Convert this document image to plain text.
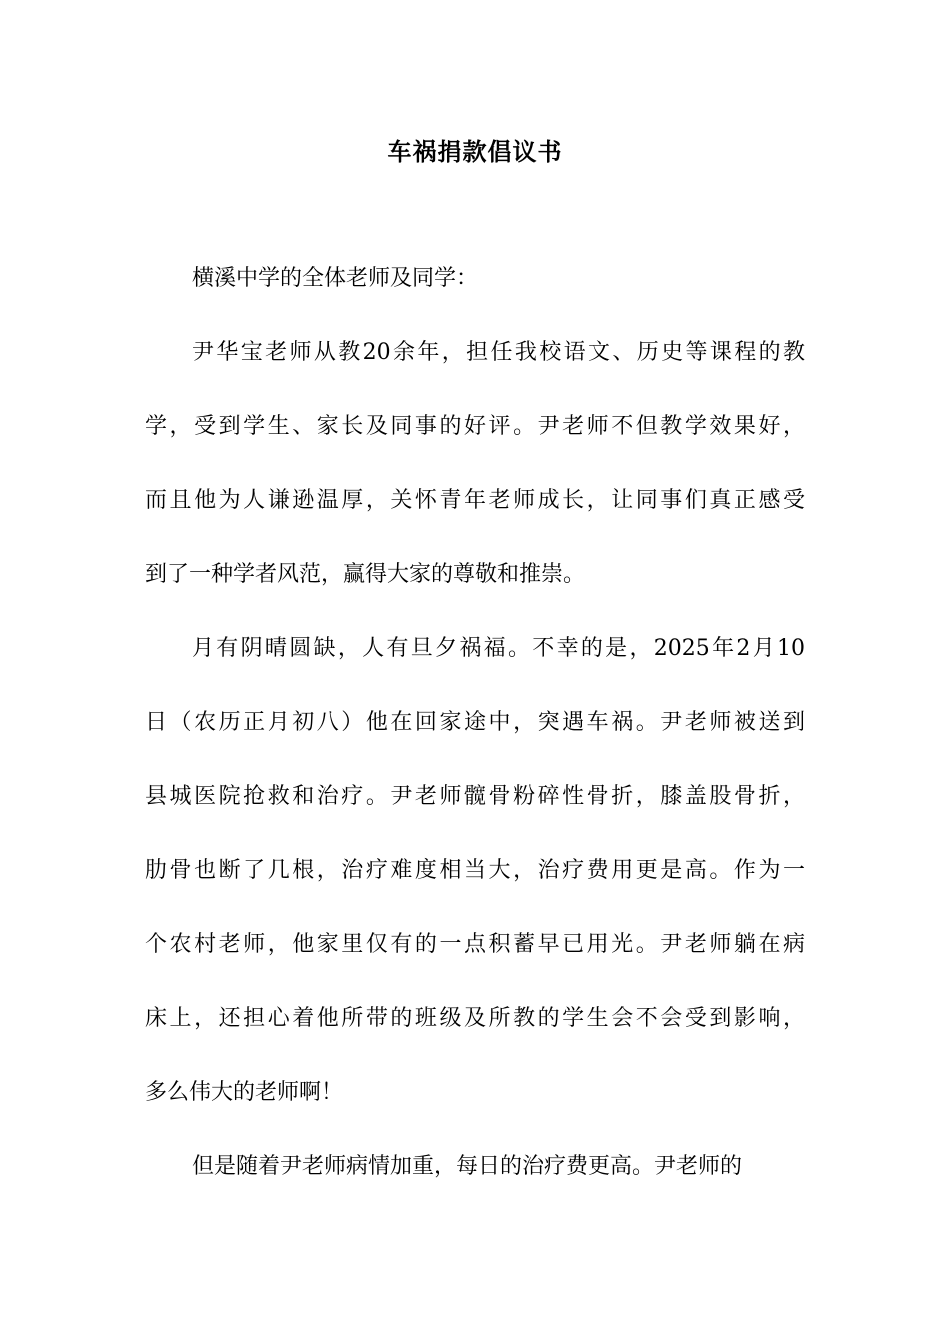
车祸捐款倡议书
横溪中学的全体老师及同学：
尹华宝老师从教20余年，担任我校语文、历史等课程的教
学，受到学生、家长及同事的好评。尹老师不但教学效果好，
而且他为人谦逊温厚，关怀青年老师成长，让同事们真正感受
到了一种学者风范，赢得大家的尊敬和推崇。
月有阴晴圆缺，人有旦夕祸福。不幸的是，2025年2月10
日（农历正月初八）他在回家途中，突遇车祸。尹老师被送到
县城医院抢救和治疗。尹老师髋骨粉碎性骨折，膝盖股骨折，
肋骨也断了几根，治疗难度相当大，治疗费用更是高。作为一
个农村老师，他家里仅有的一点积蓄早已用光。尹老师躺在病
床上，还担心着他所带的班级及所教的学生会不会受到影响，
多么伟大的老师啊！
但是随着尹老师病情加重，每日的治疗费更高。尹老师的
